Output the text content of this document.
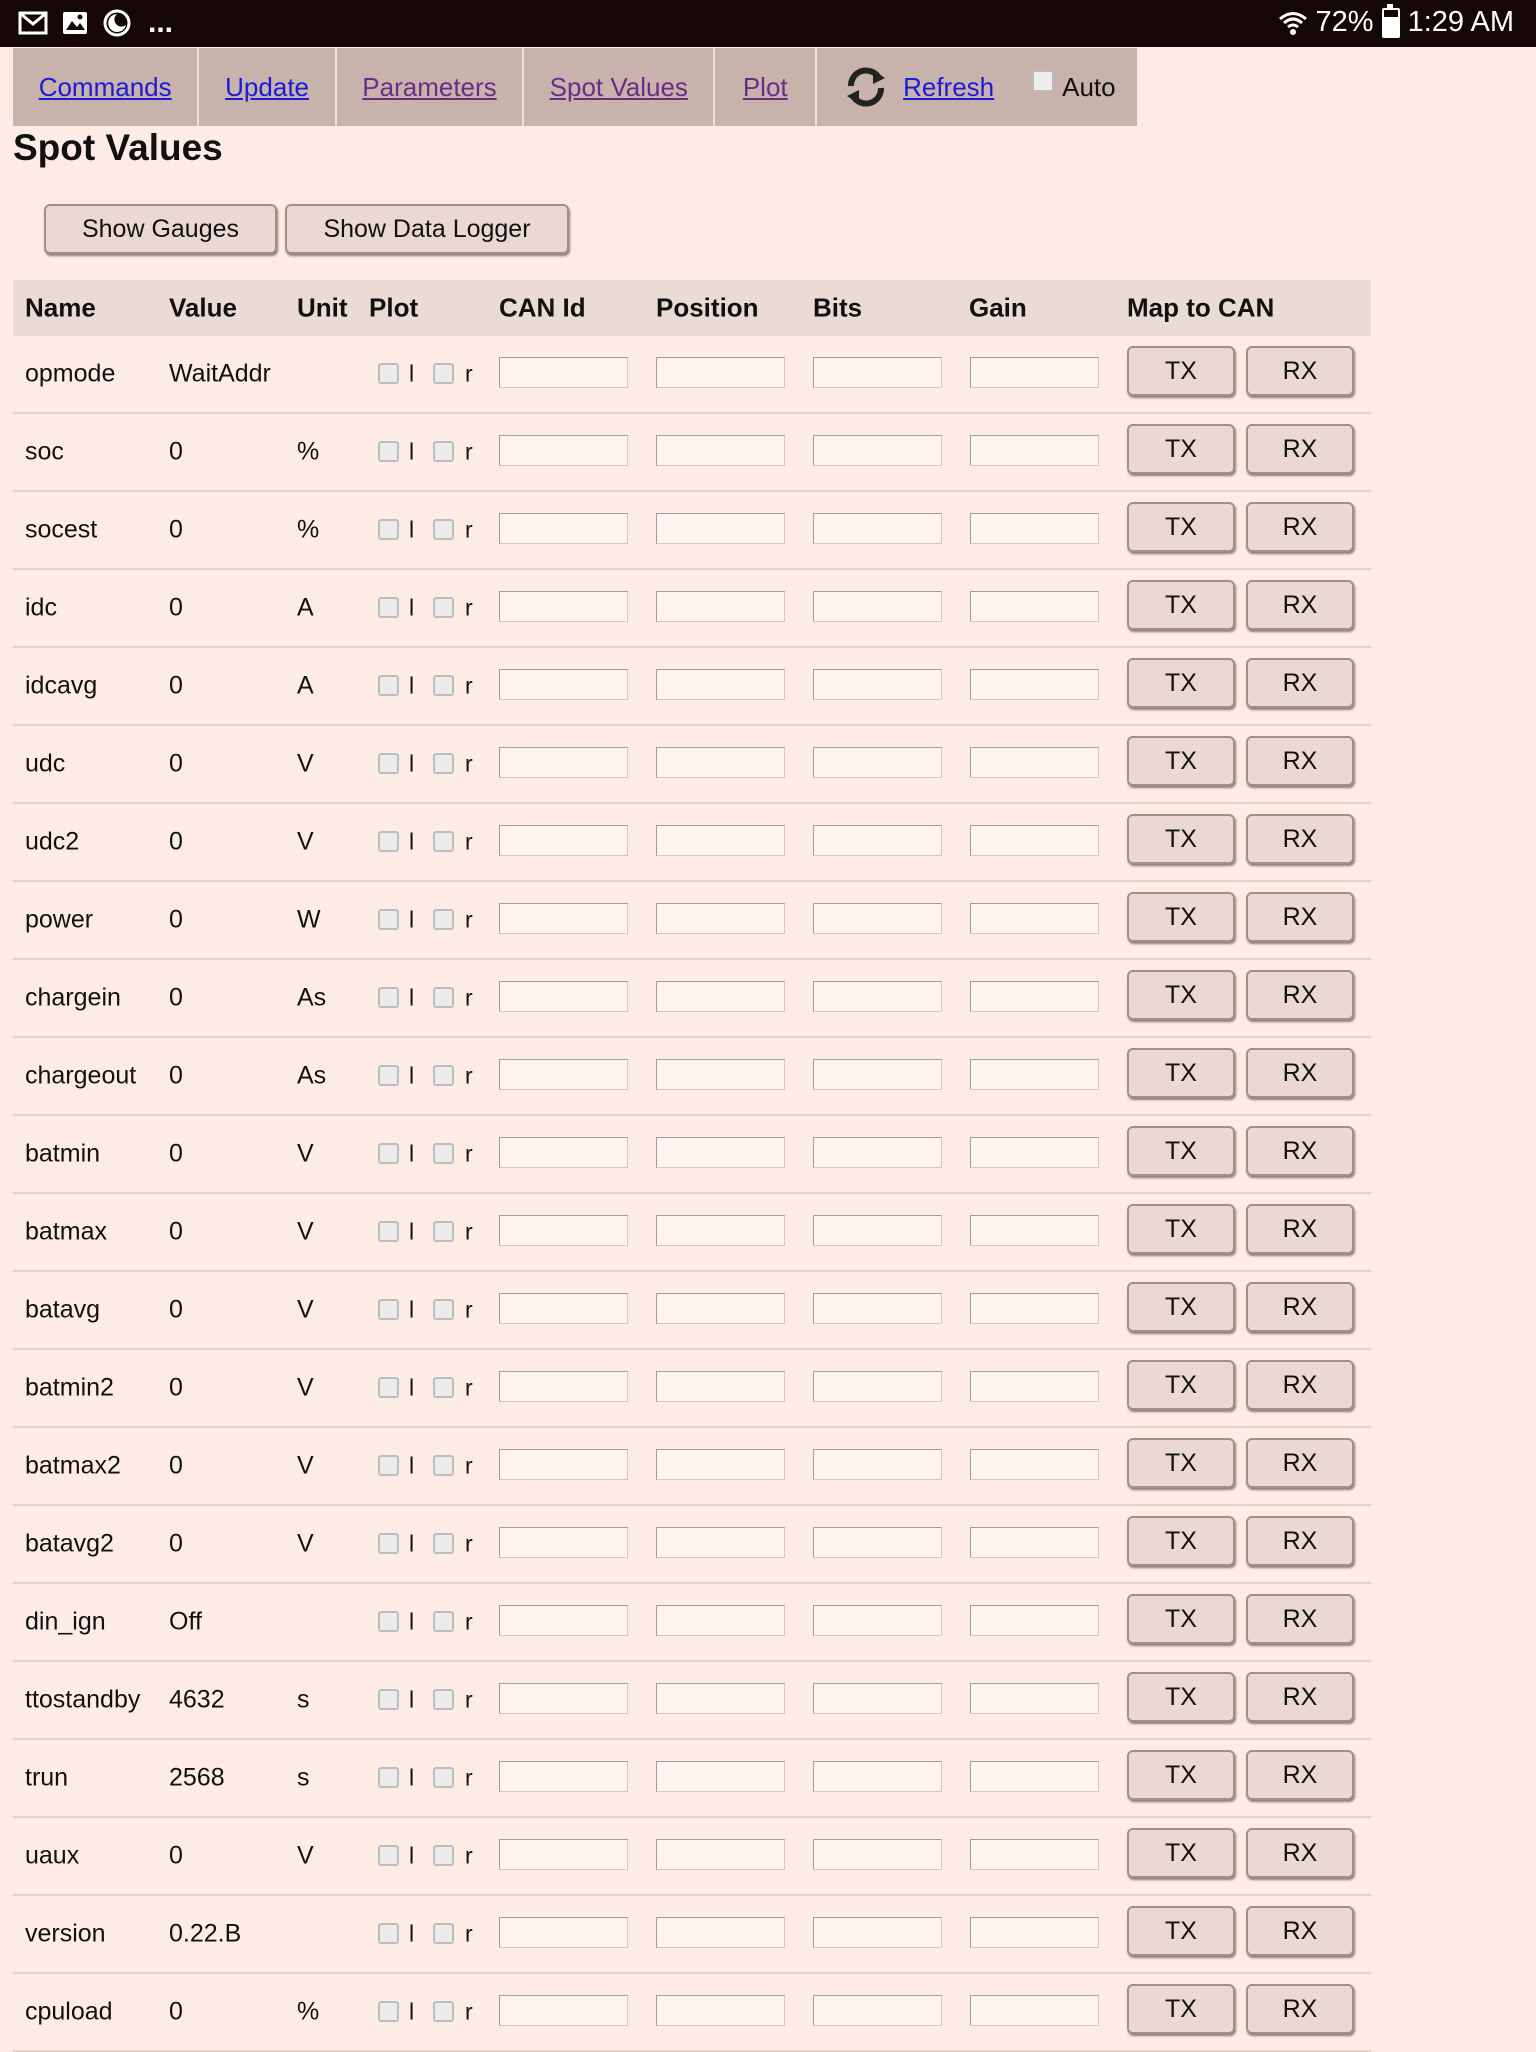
...	72% 1:29 AM
Commands Update Parameters Spot Values Plot	Refresh	Auto
Spot Values
Show Gauges	Show Data Logger
Name	Value Unit Plot	CAN Id	Position Bits	Gain	Map to CAN
opmode WaitAddr	l r	TX	RX
soc	0	%	l r	TX	RX
socest	0	%	l r	TX	RX
idc	0	A	l r	TX	RX
idcavg	0	A	l r	TX	RX
udc	0	V	l r	TX	RX
udc2	0	V	l r	TX	RX
power	0	W	l r	TX	RX
chargein 0	As	l r	TX	RX
chargeout 0	As	l r	TX	RX
batmin	0	V	l r	TX	RX
batmax 0	V	l r	TX	RX
batavg	0	V	l r	TX	RX
batmin2 0	V	l r	TX	RX
batmax2 0	V	l r	TX	RX
batavg2 0	V	l r	TX	RX
din_ign	Off	l r	TX	RX
ttostandby 4632	s	l r	TX	RX
trun	2568	s	l r	TX	RX
uaux	0	V	l r	TX	RX
version	0.22.B	l r	TX	RX
cpuload 0	%	l r	TX	RX
